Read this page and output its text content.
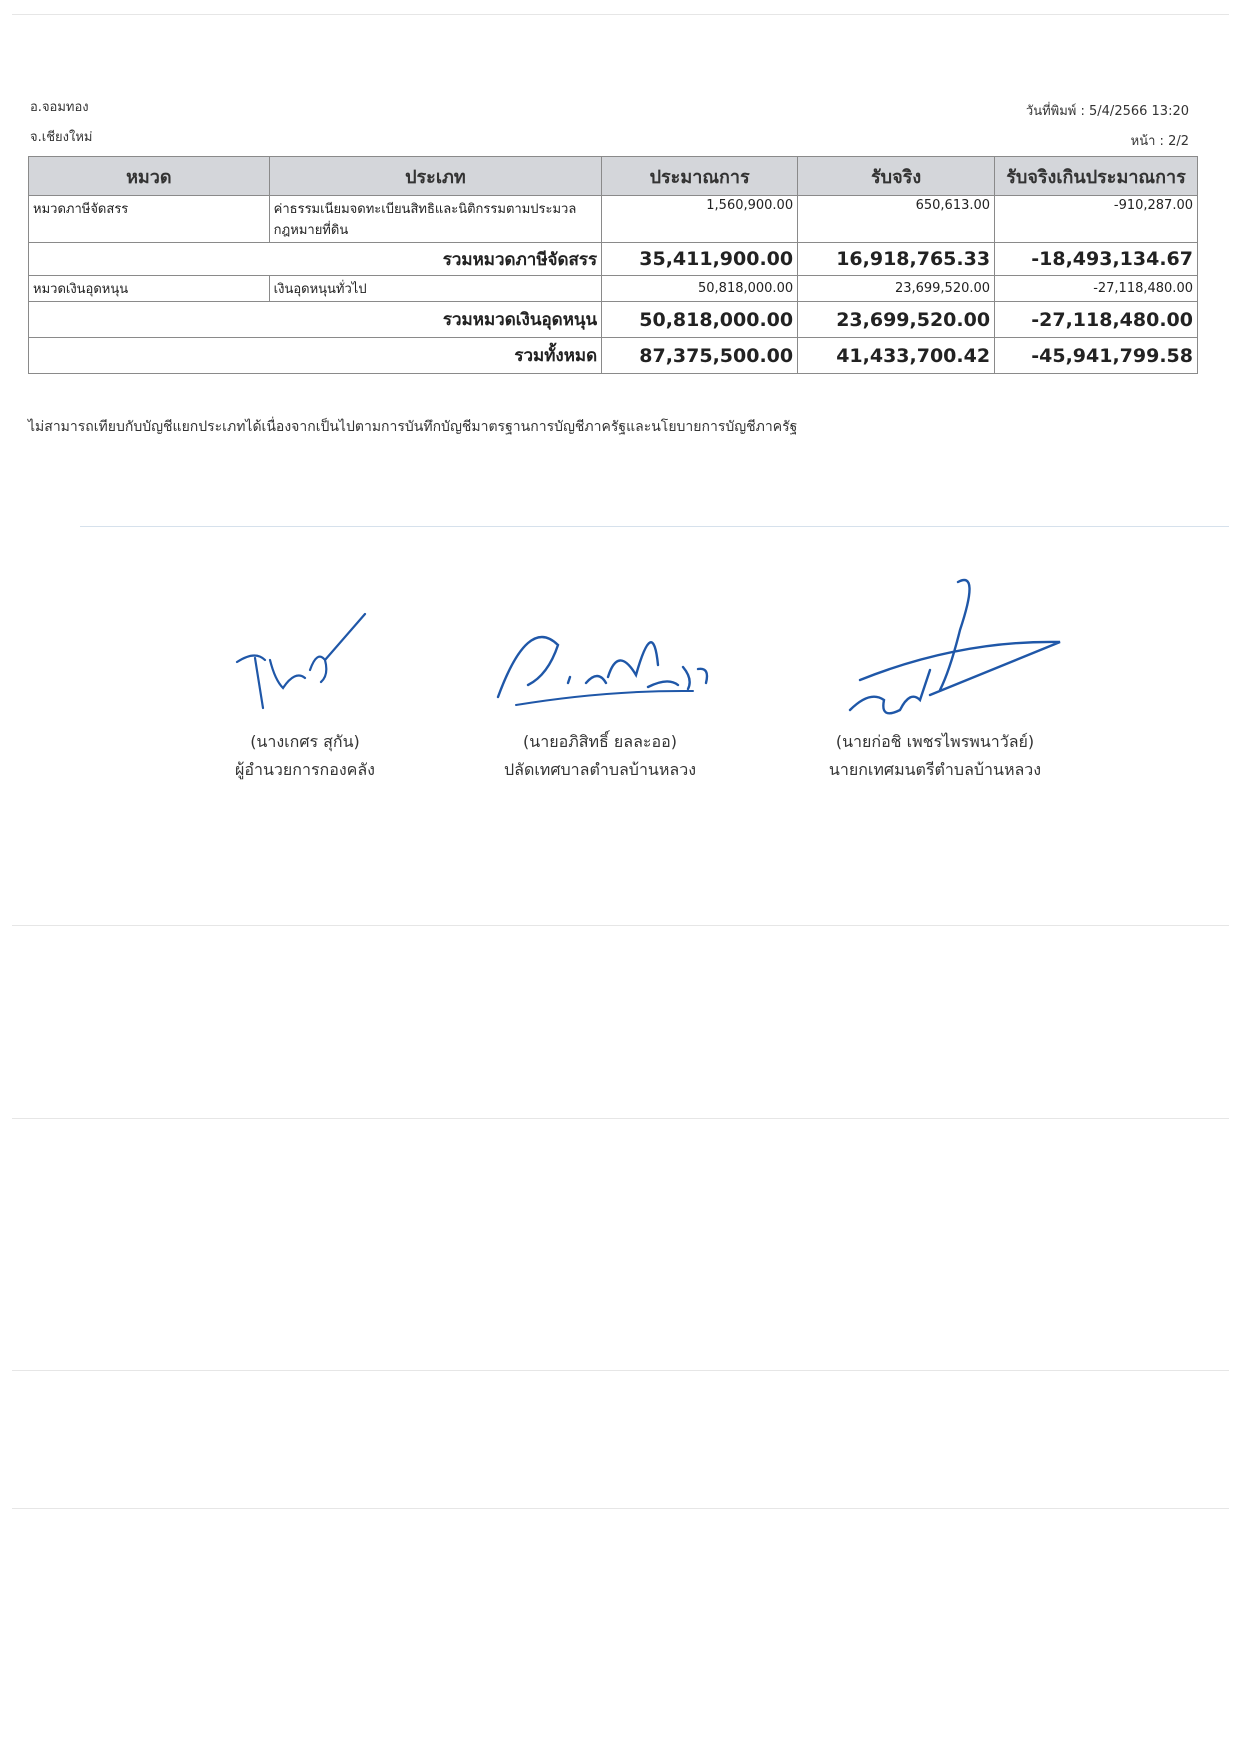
อ.จอมทอง
จ.เชียงใหม่
วันที่พิมพ์ : 5/4/2566 13:20
หน้า : 2/2
หมวด	ประเภท	ประมาณการ	รับจริง	รับจริงเกินประมาณการ
หมวดภาษีจัดสรร	ค่าธรรมเนียมจดทะเบียนสิทธิและนิติกรรมตามประมวลกฎหมายที่ดิน	1,560,900.00	650,613.00	-910,287.00
รวมหมวดภาษีจัดสรร		35,411,900.00	16,918,765.33	-18,493,134.67
หมวดเงินอุดหนุน	เงินอุดหนุนทั่วไป	50,818,000.00	23,699,520.00	-27,118,480.00
รวมหมวดเงินอุดหนุน		50,818,000.00	23,699,520.00	-27,118,480.00
รวมทั้งหมด		87,375,500.00	41,433,700.42	-45,941,799.58
ไม่สามารถเทียบกับบัญชีแยกประเภทได้เนื่องจากเป็นไปตามการบันทึกบัญชีมาตรฐานการบัญชีภาครัฐและนโยบายการบัญชีภาครัฐ
(นางเกศร สุกัน)
ผู้อำนวยการกองคลัง
(นายอภิสิทธิ์ ยลละออ)
ปลัดเทศบาลตำบลบ้านหลวง
(นายก่อชิ เพชรไพรพนาวัลย์)
นายกเทศมนตรีตำบลบ้านหลวง
